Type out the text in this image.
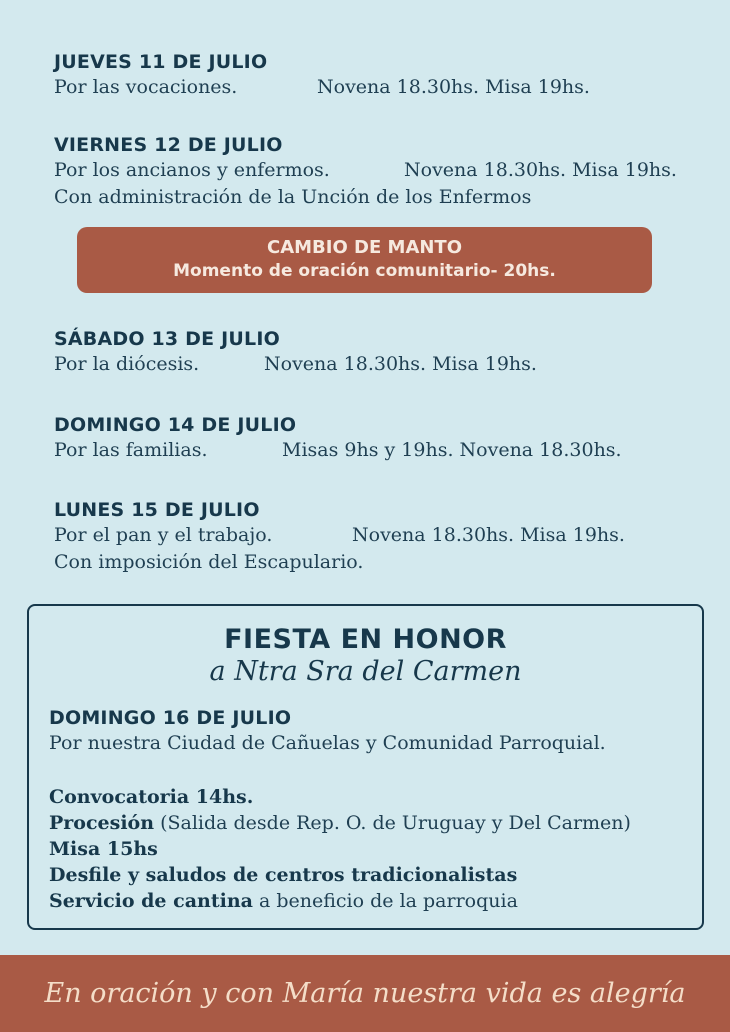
JUEVES 11 DE JULIO
Por las vocaciones.	Novena 18.30hs. Misa 19hs.
VIERNES 12 DE JULIO
Por los ancianos y enfermos.	Novena 18.30hs. Misa 19hs.
Con administración de la Unción de los Enfermos
CAMBIO DE MANTO
Momento de oración comunitario- 20hs.
SÁBADO 13 DE JULIO
Por la diócesis.	Novena 18.30hs. Misa 19hs.
DOMINGO 14 DE JULIO
Por las familias.	Misas 9hs y 19hs. Novena 18.30hs.
LUNES 15 DE JULIO
Por el pan y el trabajo.	Novena 18.30hs. Misa 19hs.
Con imposición del Escapulario.
FIESTA EN HONOR
a Ntra Sra del Carmen
DOMINGO 16 DE JULIO
Por nuestra Ciudad de Cañuelas y Comunidad Parroquial.
Convocatoria 14hs.
Procesión (Salida desde Rep. O. de Uruguay y Del Carmen)
Misa 15hs
Desfile y saludos de centros tradicionalistas
Servicio de cantina a beneficio de la parroquia
En oración y con María nuestra vida es alegría
